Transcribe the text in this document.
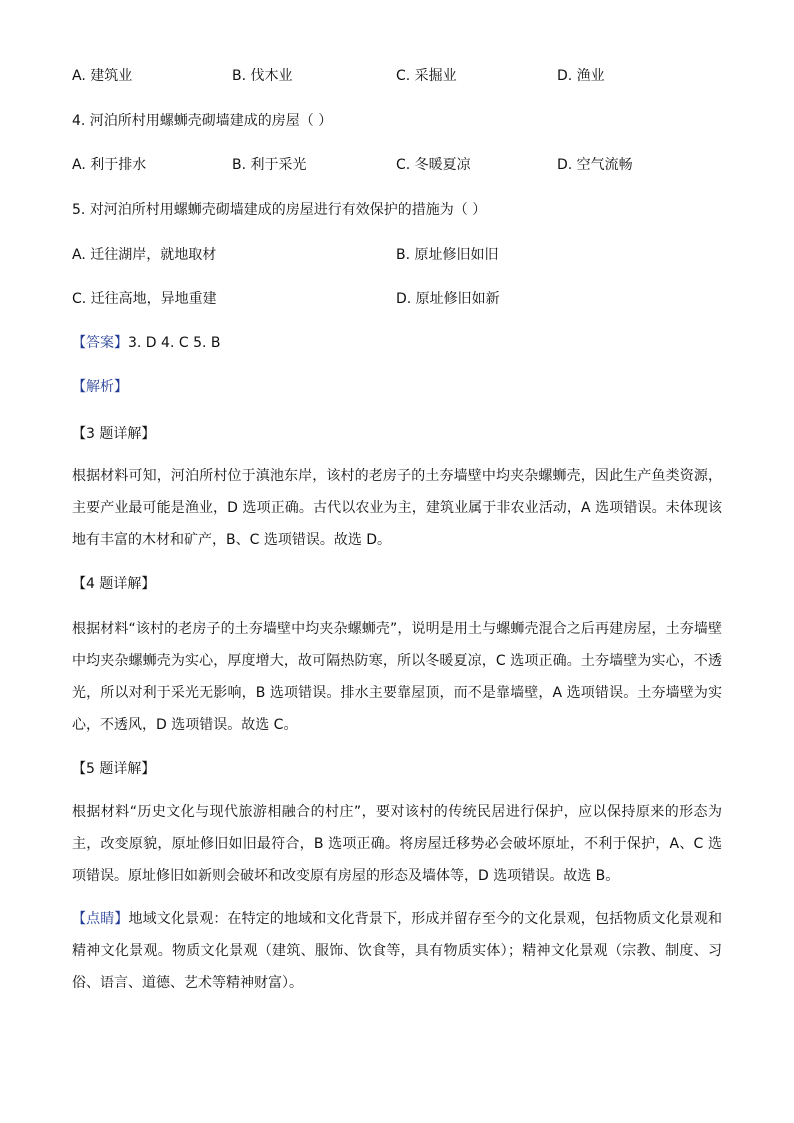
A. 建筑业	B. 伐木业	C. 采掘业	D. 渔业
4. 河泊所村用螺蛳壳砌墙建成的房屋（ ）
A. 利于排水	B. 利于采光	C. 冬暖夏凉	D. 空气流畅
5. 对河泊所村用螺蛳壳砌墙建成的房屋进行有效保护的措施为（ ）
A. 迁往湖岸，就地取材	B. 原址修旧如旧
C. 迁往高地，异地重建	D. 原址修旧如新
【答案】3. D 4. C 5. B
【解析】
【3 题详解】

根据材料可知，河泊所村位于滇池东岸，该村的老房子的土夯墙壁中均夹杂螺蛳壳，因此生产鱼类资源，主要产业最可能是渔业，D 选项正确。古代以农业为主，建筑业属于非农业活动，A 选项错误。未体现该地有丰富的木材和矿产，B、C 选项错误。故选 D。

【4 题详解】

根据材料“该村的老房子的土夯墙壁中均夹杂螺蛳壳”，说明是用土与螺蛳壳混合之后再建房屋，土夯墙壁中均夹杂螺蛳壳为实心，厚度增大，故可隔热防寒，所以冬暖夏凉，C 选项正确。土夯墙壁为实心，不透光，所以对利于采光无影响，B 选项错误。排水主要靠屋顶，而不是靠墙壁，A 选项错误。土夯墙壁为实心，不透风，D 选项错误。故选 C。

【5 题详解】

根据材料“历史文化与现代旅游相融合的村庄”，要对该村的传统民居进行保护，应以保持原来的形态为主，改变原貌，原址修旧如旧最符合，B 选项正确。将房屋迁移势必会破坏原址，不利于保护，A、C 选项错误。原址修旧如新则会破坏和改变原有房屋的形态及墙体等，D 选项错误。故选 B。

【点睛】地域文化景观：在特定的地域和文化背景下，形成并留存至今的文化景观，包括物质文化景观和精神文化景观。物质文化景观（建筑、服饰、饮食等，具有物质实体）；精神文化景观（宗教、制度、习俗、语言、道德、艺术等精神财富）。
